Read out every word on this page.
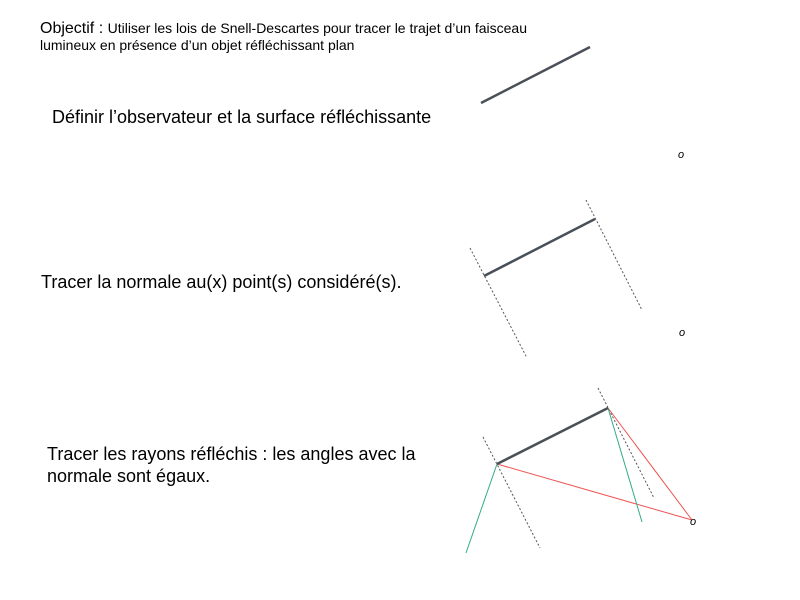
Objectif : Utiliser les lois de Snell-Descartes pour tracer le trajet d’un faisceau
lumineux en présence d’un objet réfléchissant plan

Définir l’observateur et la surface réfléchissante

Tracer la normale au(x) point(s) considéré(s).

Tracer les rayons réfléchis : les angles avec la normale sont égaux.

o
o
o
